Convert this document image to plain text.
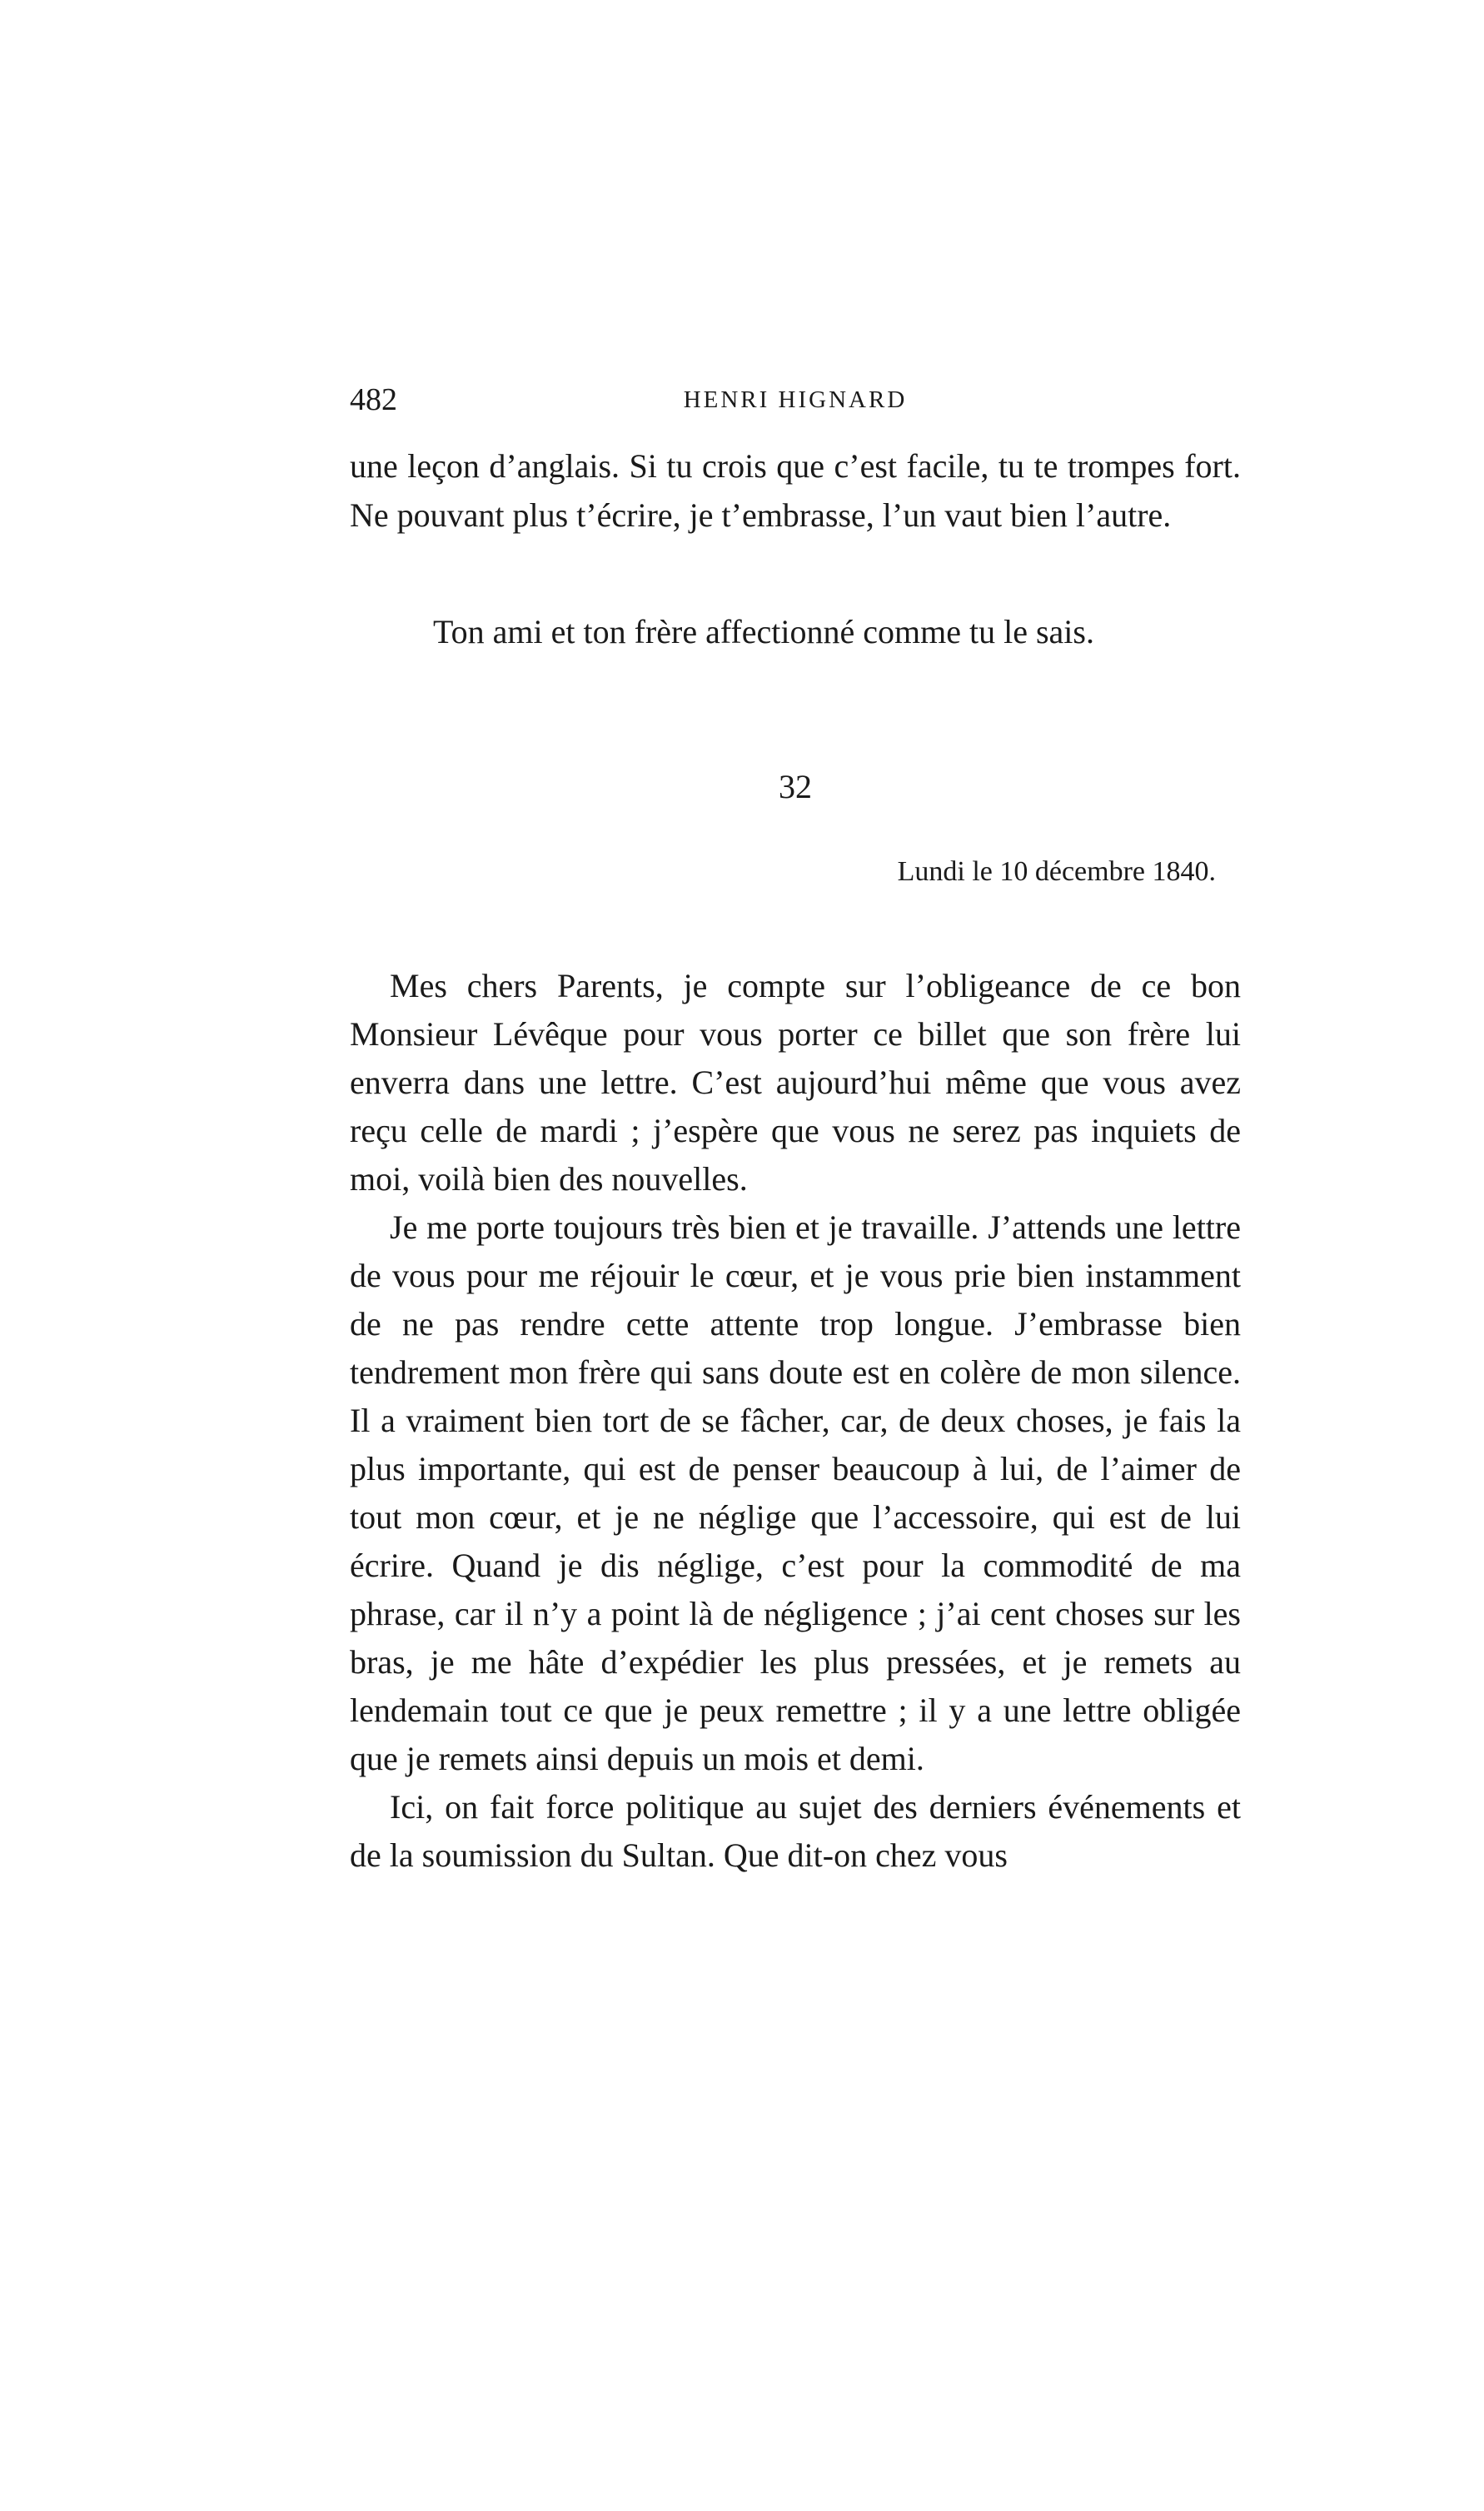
482	HENRI HIGNARD
une leçon d’anglais. Si tu crois que c’est facile, tu te trompes fort. Ne pouvant plus t’écrire, je t’embrasse, l’un vaut bien l’autre.
Ton ami et ton frère affectionné comme tu le sais.
32
Lundi le 10 décembre 1840.

Mes chers Parents, je compte sur l’obligeance de ce bon Monsieur Lévêque pour vous porter ce billet que son frère lui enverra dans une lettre. C’est aujourd’hui même que vous avez reçu celle de mardi ; j’espère que vous ne serez pas inquiets de moi, voilà bien des nouvelles.

Je me porte toujours très bien et je travaille. J’attends une lettre de vous pour me réjouir le cœur, et je vous prie bien instamment de ne pas rendre cette attente trop longue. J’embrasse bien tendrement mon frère qui sans doute est en colère de mon silence. Il a vraiment bien tort de se fâcher, car, de deux choses, je fais la plus importante, qui est de penser beaucoup à lui, de l’aimer de tout mon cœur, et je ne néglige que l’accessoire, qui est de lui écrire. Quand je dis néglige, c’est pour la commodité de ma phrase, car il n’y a point là de négligence ; j’ai cent choses sur les bras, je me hâte d’expédier les plus pressées, et je remets au lendemain tout ce que je peux remettre ; il y a une lettre obligée que je remets ainsi depuis un mois et demi.

Ici, on fait force politique au sujet des derniers événements et de la soumission du Sultan. Que dit-on chez vous
